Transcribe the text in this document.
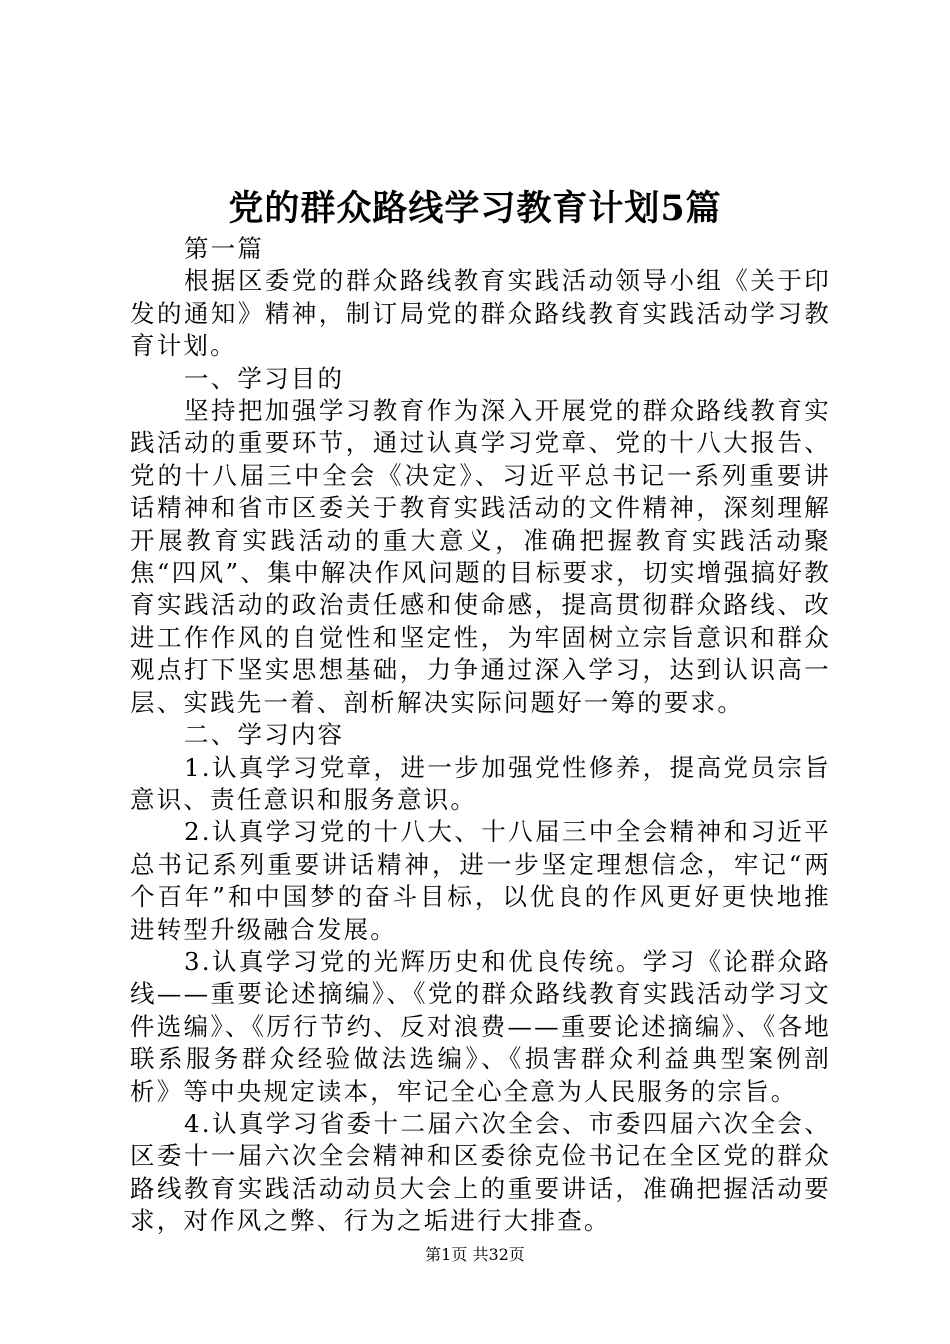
党的群众路线学习教育计划5篇

第一篇

根据区委党的群众路线教育实践活动领导小组《关于印发的通知》精神，制订局党的群众路线教育实践活动学习教育计划。

一、学习目的

坚持把加强学习教育作为深入开展党的群众路线教育实践活动的重要环节，通过认真学习党章、党的十八大报告、党的十八届三中全会《决定》、习近平总书记一系列重要讲话精神和省市区委关于教育实践活动的文件精神，深刻理解开展教育实践活动的重大意义，准确把握教育实践活动聚焦“四风”、集中解决作风问题的目标要求，切实增强搞好教育实践活动的政治责任感和使命感，提高贯彻群众路线、改进工作作风的自觉性和坚定性，为牢固树立宗旨意识和群众观点打下坚实思想基础，力争通过深入学习，达到认识高一层、实践先一着、剖析解决实际问题好一筹的要求。

二、学习内容

1.认真学习党章，进一步加强党性修养，提高党员宗旨意识、责任意识和服务意识。

2.认真学习党的十八大、十八届三中全会精神和习近平总书记系列重要讲话精神，进一步坚定理想信念，牢记“两个百年”和中国梦的奋斗目标，以优良的作风更好更快地推进转型升级融合发展。

3.认真学习党的光辉历史和优良传统。学习《论群众路线——重要论述摘编》、《党的群众路线教育实践活动学习文件选编》、《厉行节约、反对浪费——重要论述摘编》、《各地联系服务群众经验做法选编》、《损害群众利益典型案例剖析》等中央规定读本，牢记全心全意为人民服务的宗旨。

4.认真学习省委十二届六次全会、市委四届六次全会、区委十一届六次全会精神和区委徐克俭书记在全区党的群众路线教育实践活动动员大会上的重要讲话，准确把握活动要求，对作风之弊、行为之垢进行大排查。

第1页 共32页
